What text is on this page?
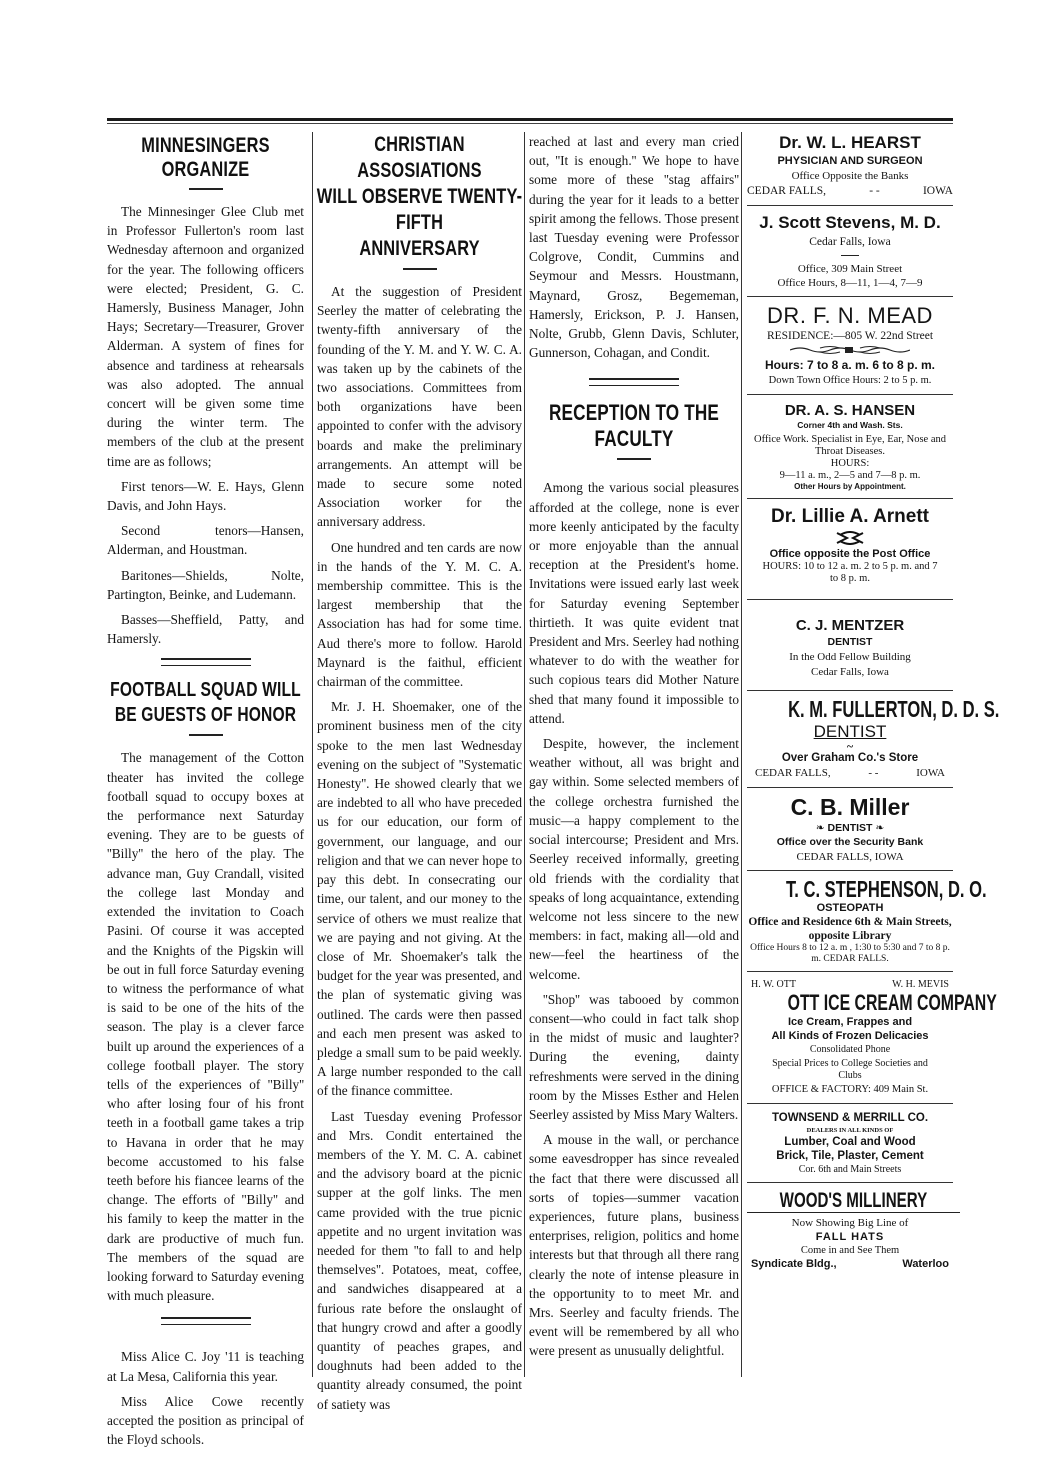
MINNESINGERS ORGANIZE

The Minnesinger Glee Club met in Professor Fullerton's room last Wednesday afternoon and organized for the year. The following officers were elected; President, G. C. Hamersly, Business Manager, John Hays; Secretary—Treasurer, Grover Alderman. A system of fines for absence and tardiness at rehearsals was also adopted. The annual concert will be given some time during the winter term. The members of the club at the present time are as follows;

First tenors—W. E. Hays, Glenn Davis, and John Hays.

Second tenors—Hansen, Alderman, and Houstman.

Baritones—Shields, Nolte, Partington, Beinke, and Ludemann.

Basses—Sheffield, Patty, and Hamersly.

FOOTBALL SQUAD WILL BE GUESTS OF HONOR

The management of the Cotton theater has invited the college football squad to occupy boxes at the performance next Saturday evening. They are to be guests of ''Billy'' the hero of the play. The advance man, Guy Crandall, visited the college last Monday and extended the invitation to Coach Pasini. Of course it was accepted and the Knights of the Pigskin will be out in full force Saturday evening to witness the performance of what is said to be one of the hits of the season. The play is a clever farce built up around the experiences of a college football player. The story tells of the experiences of ''Billy'' who after losing four of his front teeth in a football game takes a trip to Havana in order that he may become accustomed to his false teeth before his fiancee learns of the change. The efforts of ''Billy'' and his family to keep the matter in the dark are productive of much fun. The members of the squad are looking forward to Saturday evening with much pleasure.

Miss Alice C. Joy '11 is teaching at La Mesa, California this year.

Miss Alice Cowe recently accepted the position as principal of the Floyd schools.

CHRISTIAN ASSOSIATIONS
WILL OBSERVE TWENTY-FIFTH
ANNIVERSARY

At the suggestion of President Seerley the matter of celebrating the twenty-fifth anniversary of the founding of the Y. M. and Y. W. C. A. was taken up by the cabinets of the two associations. Committees from both organizations have been appointed to confer with the advisory boards and make the preliminary arrangements. An attempt will be made to secure some noted Association worker for the anniversary address.

One hundred and ten cards are now in the hands of the Y. M. C. A. membership committee. This is the largest membership that the Association has had for some time. Aud there's more to follow. Harold Maynard is the faithul, efficient chairman of the committee.

Mr. J. H. Shoemaker, one of the prominent business men of the city spoke to the men last Wednesday evening on the subject of ''Systematic Honesty''. He showed clearly that we are indebted to all who have preceded us for our education, our form of government, our language, and our religion and that we can never hope to pay this debt. In consecrating our time, our talent, and our money to the service of others we must realize that we are paying and not giving. At the close of Mr. Shoemaker's talk the budget for the year was presented, and the plan of systematic giving was outlined. The cards were then passed and each men present was asked to pledge a small sum to be paid weekly. A large number responded to the call of the finance committee.

Last Tuesday evening Professor and Mrs. Condit entertained the members of the Y. M. C. A. cabinet and the advisory board at the picnic supper at the golf links. The men came provided with the true picnic appetite and no urgent invitation was needed for them ''to fall to and help themselves''. Potatoes, meat, coffee, and sandwiches disappeared at a furious rate before the onslaught of that hungry crowd and after a goodly quantity of peaches grapes, and doughnuts had been added to the quantity already consumed, the point of satiety was

reached at last and every man cried out, ''It is enough.'' We hope to have some more of these ''stag affairs'' during the year for it leads to a better spirit among the fellows. Those present last Tuesday evening were Professor Colgrove, Condit, Cummins and Seymour and Messrs. Houstmann, Maynard, Grosz, Begememan, Hamersly, Erickson, P. J. Hansen, Nolte, Grubb, Glenn Davis, Schluter, Gunnerson, Cohagan, and Condit.

RECEPTION TO THE FACULTY

Among the various social pleasures afforded at the college, none is ever more keenly anticipated by the faculty or more enjoyable than the annual reception at the President's home. Invitations were issued early last week for Saturday evening September thirtieth. It was quite evident tnat President and Mrs. Seerley had nothing whatever to do with the weather for such copious tears did Mother Nature shed that many found it impossible to attend.

Despite, however, the inclement weather without, all was bright and gay within. Some selected members of the college orchestra furnished the music—a happy complement to the social intercourse; President and Mrs. Seerley received informally, greeting old friends with the cordiality that speaks of long acquaintance, extending welcome not less sincere to the new members: in fact, making all—old and new—feel the heartiness of the welcome.

''Shop'' was tabooed by common consent—who could in fact talk shop in the midst of music and laughter? During the evening, dainty refreshments were served in the dining room by the Misses Esther and Helen Seerley assisted by Miss Mary Walters.

A mouse in the wall, or perchance some eavesdropper has since revealed the fact that there were discussed all sorts of topies—summer vacation experiences, future plans, business enterprises, religion, politics and home interests but that through all there rang clearly the note of intense pleasure in the opportunity to to meet Mr. and Mrs. Seerley and faculty friends. The event will be remembered by all who were present as unusually delightful.

Dr. W. L. HEARST
PHYSICIAN AND SURGEON
Office Opposite the Banks
CEDAR FALLS,	- -	IOWA
J. Scott Stevens, M. D.
Cedar Falls, Iowa
Office, 309 Main Street
Office Hours, 8—11, 1—4, 7—9
DR. F. N. MEAD
RESIDENCE:—805 W. 22nd Street
Hours: 7 to 8 a. m. 6 to 8 p. m.
Down Town Office Hours: 2 to 5 p. m.
DR. A. S. HANSEN
Corner 4th and Wash. Sts.
Office Work. Specialist in Eye, Ear, Nose and Throat Diseases.
HOURS:
9—11 a. m., 2—5 and 7—8 p. m.
Other Hours by Appointment.
Dr. Lillie A. Arnett
Office opposite the Post Office
HOURS: 10 to 12 a. m. 2 to 5 p. m. and 7 to 8 p. m.
C. J. MENTZER
DENTIST
In the Odd Fellow Building
Cedar Falls, Iowa
K. M. FULLERTON, D. D. S.
DENTIST
~
Over Graham Co.'s Store
CEDAR FALLS,	- -	IOWA
C. B. Miller
❧ DENTIST ❧
Office over the Security Bank
CEDAR FALLS, IOWA
T. C. STEPHENSON, D. O.
OSTEOPATH
Office and Residence 6th & Main Streets, opposite Library
Office Hours 8 to 12 a. m , 1:30 to 5:30 and 7 to 8 p. m. CEDAR FALLS.
H. W. OTT	W. H. MEVIS
OTT ICE CREAM COMPANY
Ice Cream, Frappes and
All Kinds of Frozen Delicacies
Consolidated Phone
Special Prices to College Societies and Clubs
OFFICE & FACTORY: 409 Main St.
TOWNSEND & MERRILL CO.
DEALERS IN ALL KINDS OF
Lumber, Coal and Wood
Brick, Tile, Plaster, Cement
Cor. 6th and Main Streets
WOOD'S MILLINERY
Now Showing Big Line of
FALL HATS
Come in and See Them
Syndicate Bldg.,	Waterloo
